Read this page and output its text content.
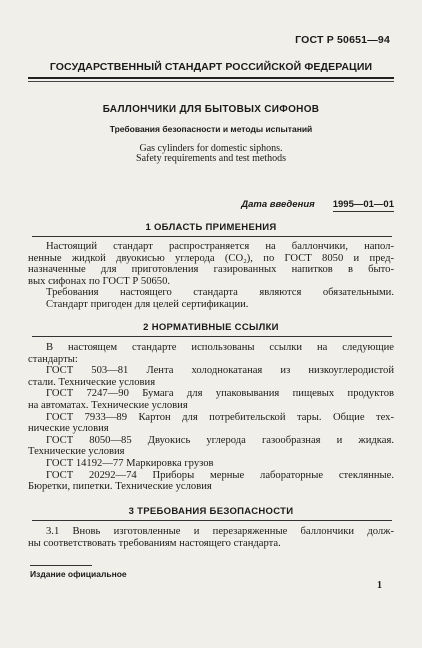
ГОСТ Р 50651—94
ГОСУДАРСТВЕННЫЙ СТАНДАРТ РОССИЙСКОЙ ФЕДЕРАЦИИ
БАЛЛОНЧИКИ ДЛЯ БЫТОВЫХ СИФОНОВ
Требования безопасности и методы испытаний
Gas cylinders for domestic siphons.
Safety requirements and test methods
Дата введения 1995—01—01
1 ОБЛАСТЬ ПРИМЕНЕНИЯ
Настоящий стандарт распространяется на баллончики, напол-
ненные жидкой двуокисью углерода (CO₂), по ГОСТ 8050 и пред-
назначенные для приготовления газированных напитков в быто-
вых сифонах по ГОСТ Р 50650.
Требования настоящего стандарта являются обязательными.
Стандарт пригоден для целей сертификации.
2 НОРМАТИВНЫЕ ССЫЛКИ
В настоящем стандарте использованы ссылки на следующие
стандарты:
ГОСТ 503—81 Лента холоднокатаная из низкоуглеродистой
стали. Технические условия
ГОСТ 7247—90 Бумага для упаковывания пищевых продуктов
на автоматах. Технические условия
ГОСТ 7933—89 Картон для потребительской тары. Общие тех-
нические условия
ГОСТ 8050—85 Двуокись углерода газообразная и жидкая.
Технические условия
ГОСТ 14192—77 Маркировка грузов
ГОСТ 20292—74 Приборы мерные лабораторные стеклянные.
Бюретки, пипетки. Технические условия
3 ТРЕБОВАНИЯ БЕЗОПАСНОСТИ
3.1 Вновь изготовленные и перезаряженные баллончики долж-
ны соответствовать требованиям настоящего стандарта.
Издание официальное
1
